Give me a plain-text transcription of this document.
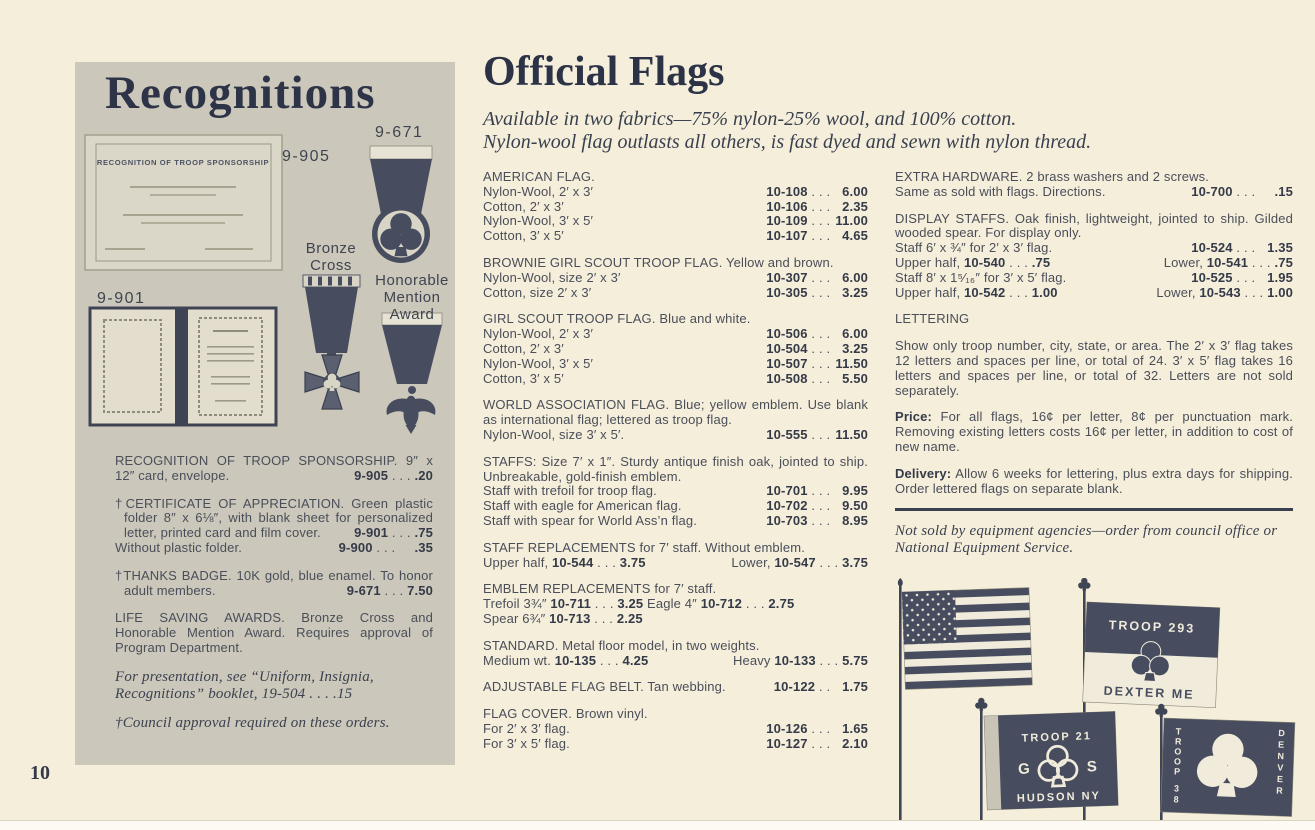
Recognitions
RECOGNITION OF TROOP SPONSORSHIP 9-905
9-671
Bronze Cross
Honorable Mention Award
9-901
RECOGNITION OF TROOP SPONSORSHIP. 9″ x 12″ card, envelope.	9-905 . . . .20
†CERTIFICATE OF APPRECIATION. Green plastic folder 8″ x 6⅛″, with blank sheet for personalized letter, printed card and film cover.	9-901 . . . .75
Without plastic folder.	9-900 . . . .35
†THANKS BADGE. 10K gold, blue enamel. To honor adult members.	9-671 . . . 7.50
LIFE SAVING AWARDS. Bronze Cross and Honorable Mention Award. Requires approval of Program Department.
For presentation, see “Uniform, Insignia, Recognitions” booklet, 19-504 . . . .15
†Council approval required on these orders.
Official Flags
Available in two fabrics—75% nylon-25% wool, and 100% cotton.
Nylon-wool flag outlasts all others, is fast dyed and sewn with nylon thread.
AMERICAN FLAG.
Nylon-Wool, 2′ x 3′	10-108 . . . 6.00
Cotton, 2′ x 3′	10-106 . . . 2.35
Nylon-Wool, 3′ x 5′	10-109 . . . 11.00
Cotton, 3′ x 5′	10-107 . . . 4.65
BROWNIE GIRL SCOUT TROOP FLAG. Yellow and brown.
Nylon-Wool, size 2′ x 3′	10-307 . . . 6.00
Cotton, size 2′ x 3′	10-305 . . . 3.25
GIRL SCOUT TROOP FLAG. Blue and white.
Nylon-Wool, 2′ x 3′	10-506 . . . 6.00
Cotton, 2′ x 3′	10-504 . . . 3.25
Nylon-Wool, 3′ x 5′	10-507 . . . 11.50
Cotton, 3′ x 5′	10-508 . . . 5.50
WORLD ASSOCIATION FLAG. Blue; yellow emblem. Use blank as international flag; lettered as troop flag.
Nylon-Wool, size 3′ x 5′.	10-555 . . . 11.50
STAFFS: Size 7′ x 1″. Sturdy antique finish oak, jointed to ship. Unbreakable, gold-finish emblem.
Staff with trefoil for troop flag.	10-701 . . . 9.95
Staff with eagle for American flag.	10-702 . . . 9.50
Staff with spear for World Ass’n flag.	10-703 . . . 8.95
STAFF REPLACEMENTS for 7′ staff. Without emblem.
Upper half, 10-544 . . . 3.75	Lower, 10-547 . . . 3.75
EMBLEM REPLACEMENTS for 7′ staff.
Trefoil 3¾″ 10-711 . . . 3.25 Eagle 4″ 10-712 . . . 2.75
Spear 6¾″ 10-713 . . . 2.25
STANDARD. Metal floor model, in two weights.
Medium wt. 10-135 . . . 4.25	Heavy 10-133 . . . 5.75
ADJUSTABLE FLAG BELT. Tan webbing.	10-122 . . 1.75
FLAG COVER. Brown vinyl.
For 2′ x 3′ flag.	10-126 . . . 1.65
For 3′ x 5′ flag.	10-127 . . . 2.10
EXTRA HARDWARE. 2 brass washers and 2 screws.
Same as sold with flags. Directions.	10-700 . . . .15
DISPLAY STAFFS. Oak finish, lightweight, jointed to ship. Gilded wooded spear. For display only.
Staff 6′ x ¾″ for 2′ x 3′ flag.	10-524 . . . 1.35
Upper half, 10-540 . . . .75	Lower, 10-541 . . . .75
Staff 8′ x 1⁵⁄₁₆″ for 3′ x 5′ flag.	10-525 . . . 1.95
Upper half, 10-542 . . . 1.00	Lower, 10-543 . . . 1.00
LETTERING
Show only troop number, city, state, or area. The 2′ x 3′ flag takes 12 letters and spaces per line, or total of 24. 3′ x 5′ flag takes 16 letters and spaces per line, or total of 32. Letters are not sold separately.
Price: For all flags, 16¢ per letter, 8¢ per punctuation mark. Removing existing letters costs 16¢ per letter, in addition to cost of new name.
Delivery: Allow 6 weeks for lettering, plus extra days for shipping. Order lettered flags on separate blank.
Not sold by equipment agencies—order from council office or National Equipment Service.
TROOP 293
DEXTER ME
TROOP 21
G	S
HUDSON NY
TROOP
38
DENVER
10
